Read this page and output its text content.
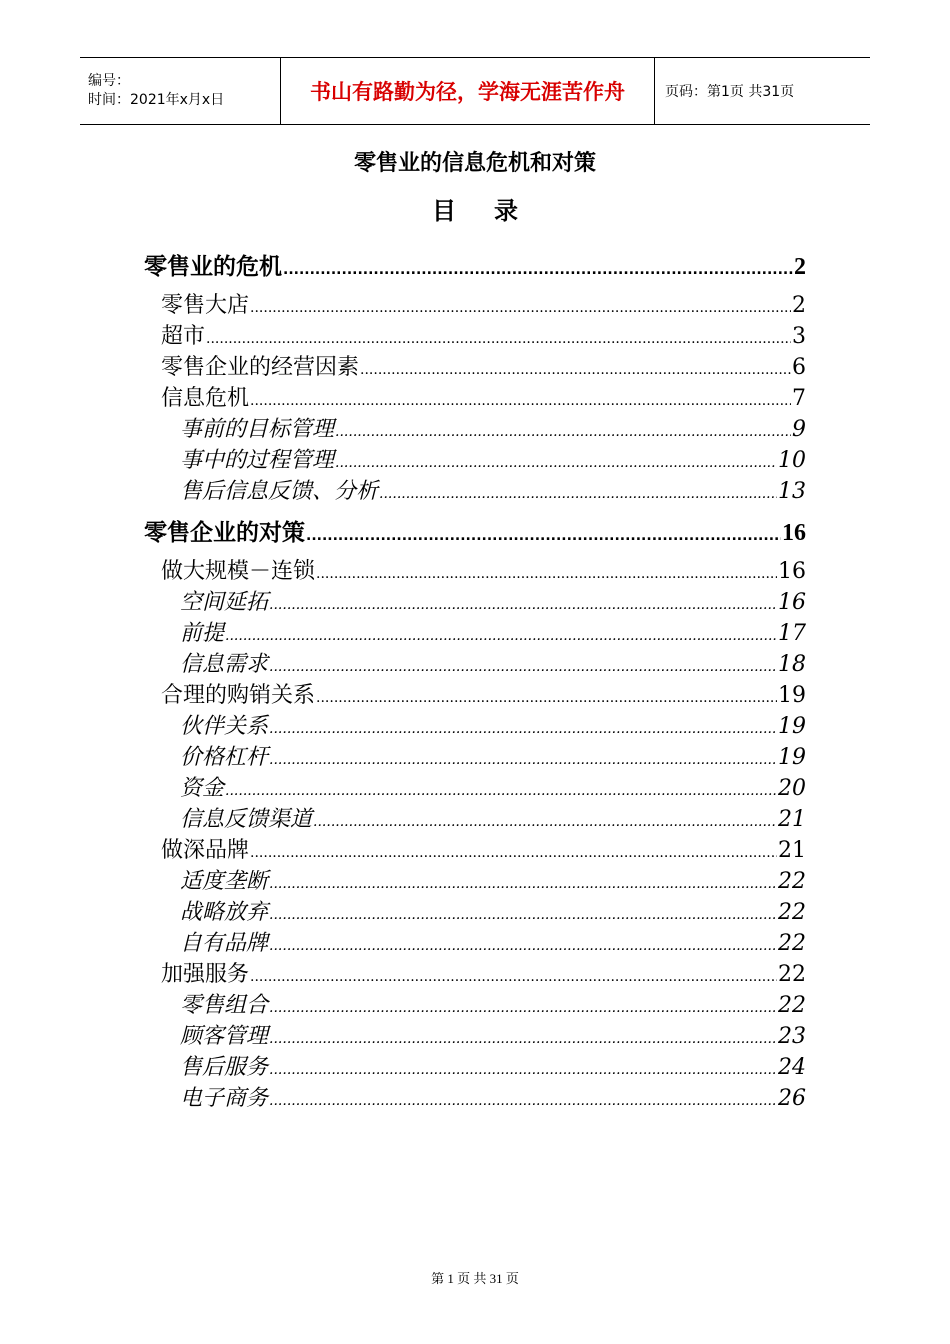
编号：
时间：2021年x月x日	书山有路勤为径，学海无涯苦作舟	页码：第1页 共31页
零售业的信息危机和对策
目录
零售业的危机 .....	2
零售大店 .....	2
超市 .....	3
零售企业的经营因素 .....	6
信息危机 .....	7
事前的目标管理 .....	9
事中的过程管理 .....	10
售后信息反馈、分析 .....	13
零售企业的对策 .....	16
做大规模－连锁 .....	16
空间延拓 .....	16
前提 .....	17
信息需求 .....	18
合理的购销关系 .....	19
伙伴关系 .....	19
价格杠杆 .....	19
资金 .....	20
信息反馈渠道 .....	21
做深品牌 .....	21
适度垄断 .....	22
战略放弃 .....	22
自有品牌 .....	22
加强服务 .....	22
零售组合 .....	22
顾客管理 .....	23
售后服务 .....	24
电子商务 .....	26
第 1 页 共 31 页
